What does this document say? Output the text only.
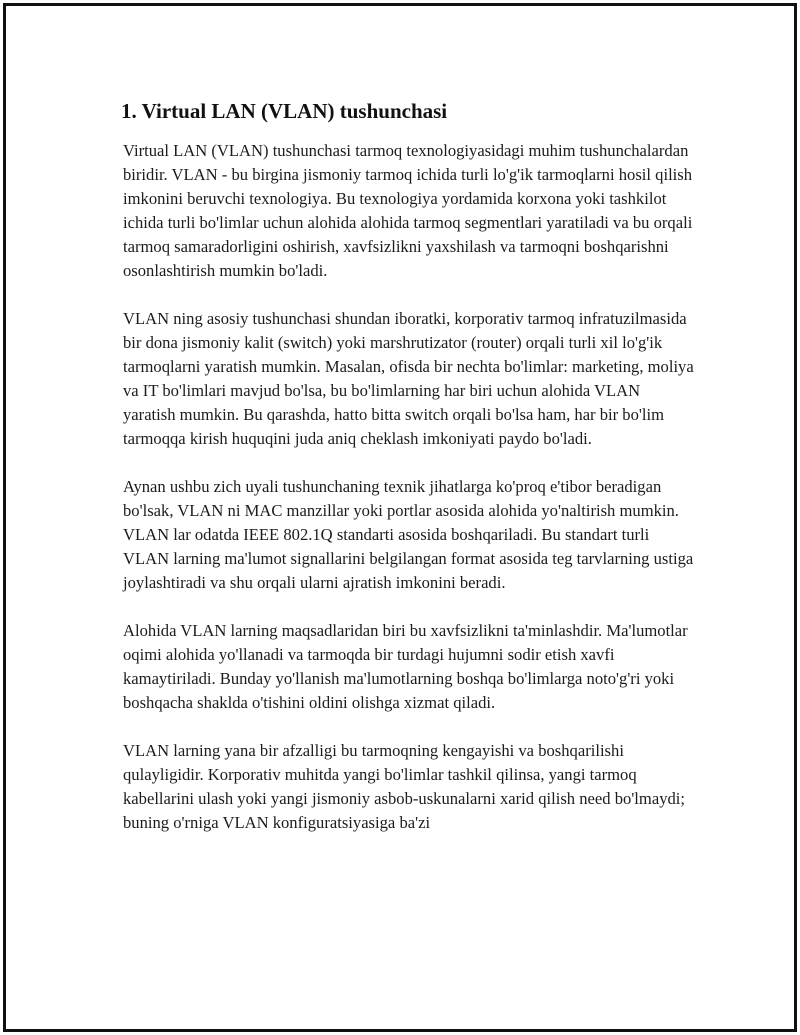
1. Virtual LAN (VLAN) tushunchasi

Virtual LAN (VLAN) tushunchasi tarmoq texnologiyasidagi muhim tushunchalardan biridir. VLAN - bu birgina jismoniy tarmoq ichida turli lo'g'ik tarmoqlarni hosil qilish imkonini beruvchi texnologiya. Bu texnologiya yordamida korxona yoki tashkilot ichida turli bo'limlar uchun alohida alohida tarmoq segmentlari yaratiladi va bu orqali tarmoq samaradorligini oshirish, xavfsizlikni yaxshilash va tarmoqni boshqarishni osonlashtirish mumkin bo'ladi.

VLAN ning asosiy tushunchasi shundan iboratki, korporativ tarmoq infratuzilmasida bir dona jismoniy kalit (switch) yoki marshrutizator (router) orqali turli xil lo'g'ik tarmoqlarni yaratish mumkin. Masalan, ofisda bir nechta bo'limlar: marketing, moliya va IT bo'limlari mavjud bo'lsa, bu bo'limlarning har biri uchun alohida VLAN yaratish mumkin. Bu qarashda, hatto bitta switch orqali bo'lsa ham, har bir bo'lim tarmoqqa kirish huquqini juda aniq cheklash imkoniyati paydo bo'ladi.

Aynan ushbu zich uyali tushunchaning texnik jihatlarga ko'proq e'tibor beradigan bo'lsak, VLAN ni MAC manzillar yoki portlar asosida alohida yo'naltirish mumkin. VLAN lar odatda IEEE 802.1Q standarti asosida boshqariladi. Bu standart turli VLAN larning ma'lumot signallarini belgilangan format asosida teg tarvlarning ustiga joylashtiradi va shu orqali ularni ajratish imkonini beradi.

Alohida VLAN larning maqsadlaridan biri bu xavfsizlikni ta'minlashdir. Ma'lumotlar oqimi alohida yo'llanadi va tarmoqda bir turdagi hujumni sodir etish xavfi kamaytiriladi. Bunday yo'llanish ma'lumotlarning boshqa bo'limlarga noto'g'ri yoki boshqacha shaklda o'tishini oldini olishga xizmat qiladi.

VLAN larning yana bir afzalligi bu tarmoqning kengayishi va boshqarilishi qulayligidir. Korporativ muhitda yangi bo'limlar tashkil qilinsa, yangi tarmoq kabellarini ulash yoki yangi jismoniy asbob-uskunalarni xarid qilish need bo'lmaydi; buning o'rniga VLAN konfiguratsiyasiga ba'zi
